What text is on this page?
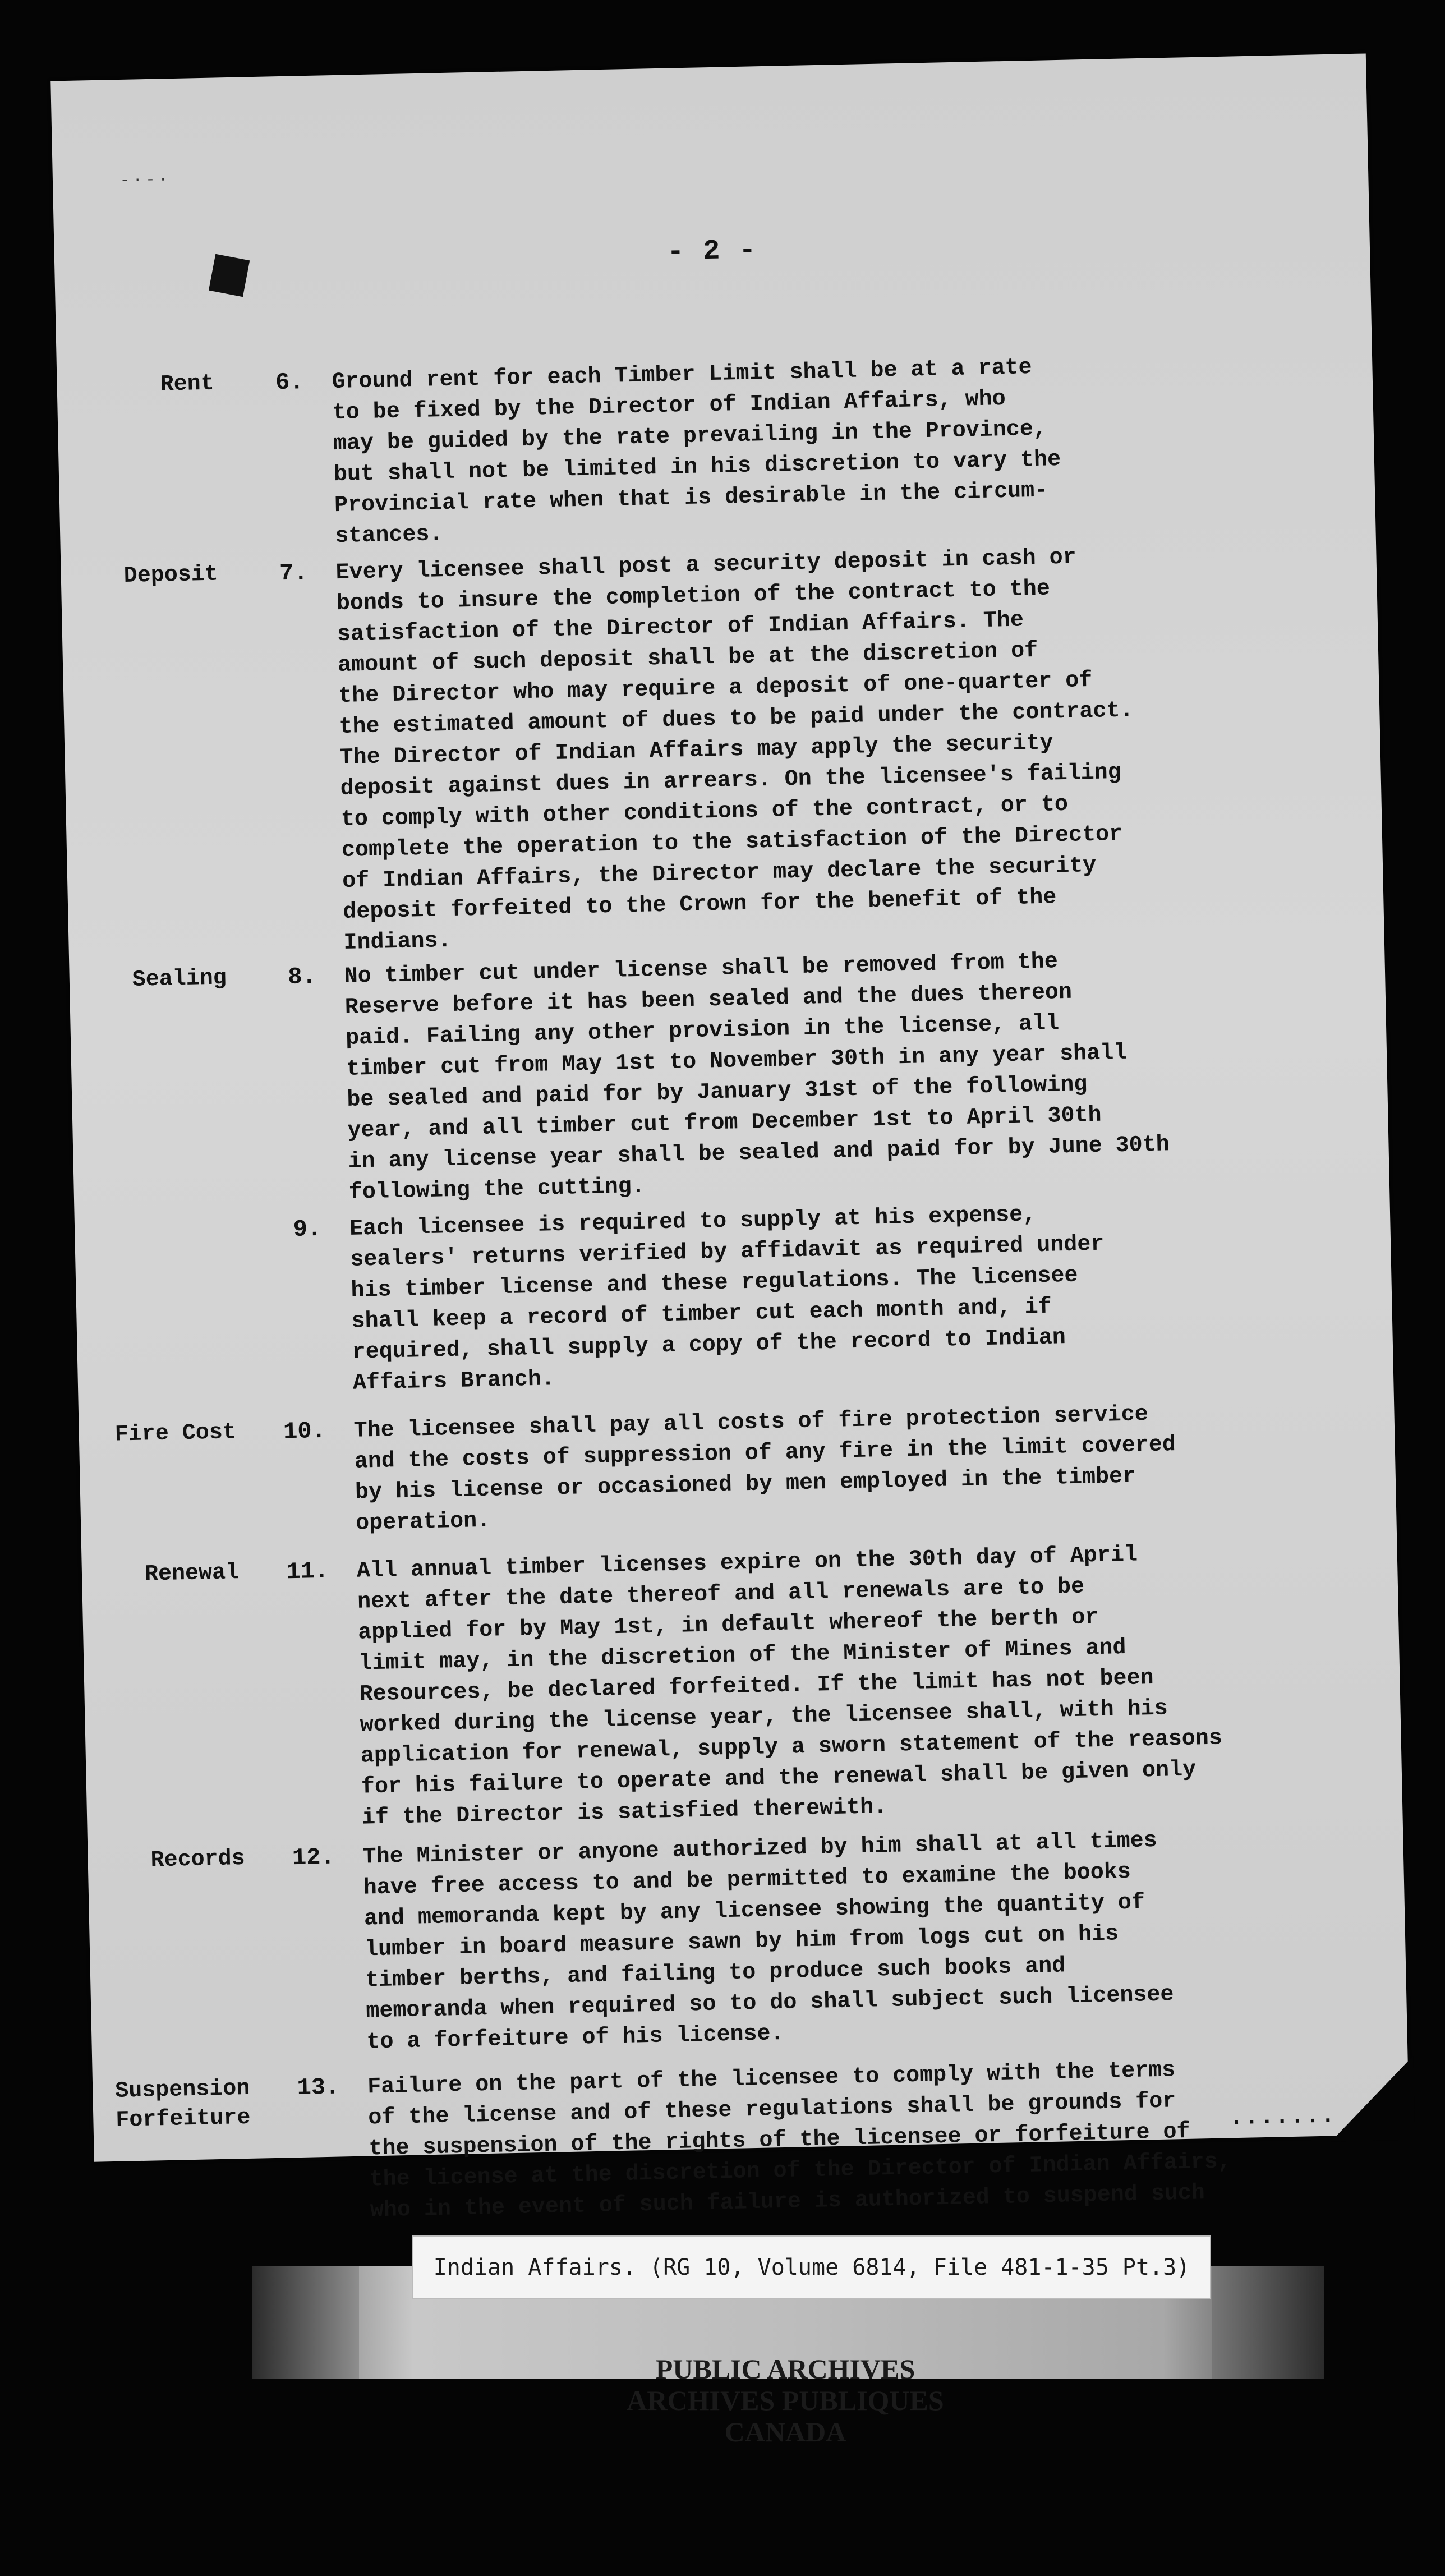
-·-·
- 2 -
Rent	6. Ground rent for each Timber Limit shall be at a rate
to be fixed by the Director of Indian Affairs, who
may be guided by the rate prevailing in the Province,
but shall not be limited in his discretion to vary the
Provincial rate when that is desirable in the circum-
stances.
Deposit	7. Every licensee shall post a security deposit in cash or
bonds to insure the completion of the contract to the
satisfaction of the Director of Indian Affairs. The
amount of such deposit shall be at the discretion of
the Director who may require a deposit of one-quarter of
the estimated amount of dues to be paid under the contract.
The Director of Indian Affairs may apply the security
deposit against dues in arrears. On the licensee's failing
to comply with other conditions of the contract, or to
complete the operation to the satisfaction of the Director
of Indian Affairs, the Director may declare the security
deposit forfeited to the Crown for the benefit of the
Indians.
Sealing	8. No timber cut under license shall be removed from the
Reserve before it has been sealed and the dues thereon
paid. Failing any other provision in the license, all
timber cut from May 1st to November 30th in any year shall
be sealed and paid for by January 31st of the following
year, and all timber cut from December 1st to April 30th
in any license year shall be sealed and paid for by June 30th
following the cutting.
9. Each licensee is required to supply at his expense,
sealers' returns verified by affidavit as required under
his timber license and these regulations. The licensee
shall keep a record of timber cut each month and, if
required, shall supply a copy of the record to Indian
Affairs Branch.
Fire Cost	10. The licensee shall pay all costs of fire protection service
and the costs of suppression of any fire in the limit covered
by his license or occasioned by men employed in the timber
operation.
Renewal	11. All annual timber licenses expire on the 30th day of April
next after the date thereof and all renewals are to be
applied for by May 1st, in default whereof the berth or
limit may, in the discretion of the Minister of Mines and
Resources, be declared forfeited. If the limit has not been
worked during the license year, the licensee shall, with his
application for renewal, supply a sworn statement of the reasons
for his failure to operate and the renewal shall be given only
if the Director is satisfied therewith.
Records	12. The Minister or anyone authorized by him shall at all times
have free access to and be permitted to examine the books
and memoranda kept by any licensee showing the quantity of
lumber in board measure sawn by him from logs cut on his
timber berths, and failing to produce such books and
memoranda when required so to do shall subject such licensee
to a forfeiture of his license.
Suspension
Forfeiture
13. Failure on the part of the licensee to comply with the terms
of the license and of these regulations shall be grounds for
the suspension of the rights of the licensee or forfeiture of
the license at the discretion of the Director of Indian Affairs,
who in the event of such failure is authorized to suspend such
.......
Indian Affairs. (RG 10, Volume 6814, File 481-1-35 Pt.3)
PUBLIC ARCHIVES
ARCHIVES PUBLIQUES
CANADA
